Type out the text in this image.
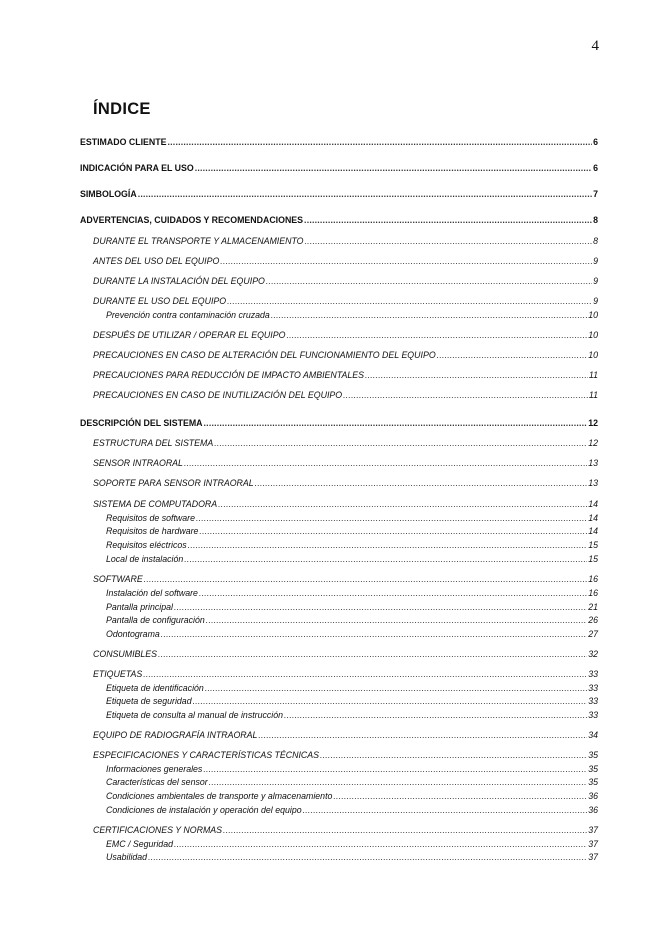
4
ÍNDICE
ESTIMADO CLIENTE .....	6
INDICACIÓN PARA EL USO .....	6
SIMBOLOGÍA .....	7
ADVERTENCIAS, CUIDADOS Y RECOMENDACIONES .....	8
DURANTE EL TRANSPORTE Y ALMACENAMIENTO .....	8
ANTES DEL USO DEL EQUIPO .....	9
DURANTE LA INSTALACIÓN DEL EQUIPO .....	9
DURANTE EL USO DEL EQUIPO .....	9
Prevención contra contaminación cruzada .....	10
DESPUÉS DE UTILIZAR / OPERAR EL EQUIPO .....	10
PRECAUCIONES EN CASO DE ALTERACIÓN DEL FUNCIONAMIENTO DEL EQUIPO .....	10
PRECAUCIONES PARA REDUCCIÓN DE IMPACTO AMBIENTALES .....	11
PRECAUCIONES EN CASO DE INUTILIZACIÓN DEL EQUIPO .....	11
DESCRIPCIÓN DEL SISTEMA .....	12
ESTRUCTURA DEL SISTEMA .....	12
SENSOR INTRAORAL .....	13
SOPORTE PARA SENSOR INTRAORAL .....	13
SISTEMA DE COMPUTADORA .....	14
Requisitos de software .....	14
Requisitos de hardware .....	14
Requisitos eléctricos .....	15
Local de instalación .....	15
SOFTWARE .....	16
Instalación del software .....	16
Pantalla principal .....	21
Pantalla de configuración .....	26
Odontograma .....	27
CONSUMIBLES .....	32
ETIQUETAS .....	33
Etiqueta de identificación .....	33
Etiqueta de seguridad .....	33
Etiqueta de consulta al manual de instrucción .....	33
EQUIPO DE RADIOGRAFÍA INTRAORAL .....	34
ESPECIFICACIONES Y CARACTERÍSTICAS TÉCNICAS .....	35
Informaciones generales .....	35
Características del sensor .....	35
Condiciones ambientales de transporte y almacenamiento .....	36
Condiciones de instalación y operación del equipo .....	36
CERTIFICACIONES Y NORMAS .....	37
EMC / Seguridad .....	37
Usabilidad .....	37
